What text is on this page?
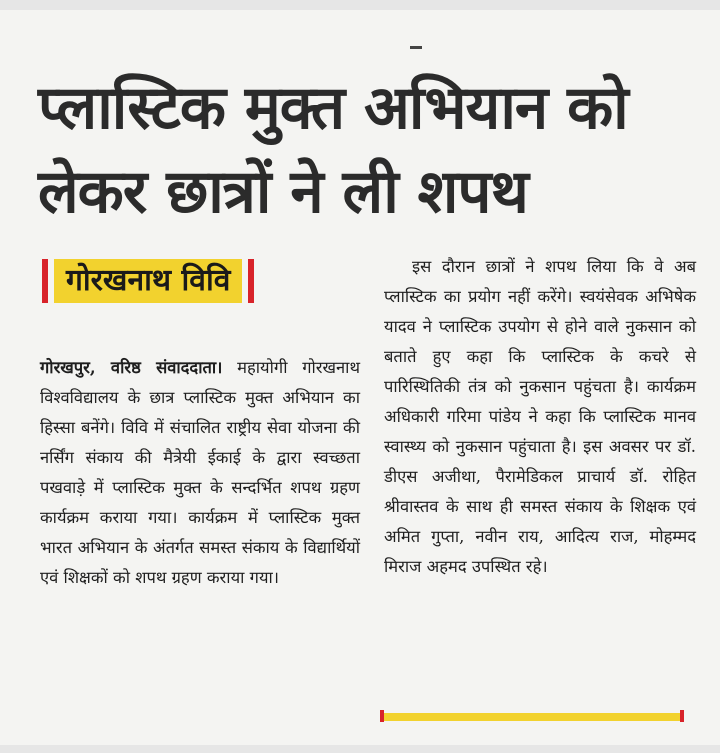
प्लास्टिक मुक्त अभियान को
लेकर छात्रों ने ली शपथ
गोरखनाथ विवि
गोरखपुर, वरिष्ठ संवाददाता। महायोगी गोरखनाथ विश्वविद्यालय के छात्र प्लास्टिक मुक्त अभियान का हिस्सा बनेंगे। विवि में संचालित राष्ट्रीय सेवा योजना की नर्सिंग संकाय की मैत्रेयी ईकाई के द्वारा स्वच्छता पखवाड़े में प्लास्टिक मुक्त के सन्दर्भित शपथ ग्रहण कार्यक्रम कराया गया। कार्यक्रम में प्लास्टिक मुक्त भारत अभियान के अंतर्गत समस्त संकाय के विद्यार्थियों एवं शिक्षकों को शपथ ग्रहण कराया गया।
इस दौरान छात्रों ने शपथ लिया कि वे अब प्लास्टिक का प्रयोग नहीं करेंगे। स्वयंसेवक अभिषेक यादव ने प्लास्टिक उपयोग से होने वाले नुकसान को बताते हुए कहा कि प्लास्टिक के कचरे से पारिस्थितिकी तंत्र को नुकसान पहुंचता है। कार्यक्रम अधिकारी गरिमा पांडेय ने कहा कि प्लास्टिक मानव स्वास्थ्य को नुकसान पहुंचाता है। इस अवसर पर डॉ. डीएस अजीथा, पैरामेडिकल प्राचार्य डॉ. रोहित श्रीवास्तव के साथ ही समस्त संकाय के शिक्षक एवं अमित गुप्ता, नवीन राय, आदित्य राज, मोहम्मद मिराज अहमद उपस्थित रहे।
